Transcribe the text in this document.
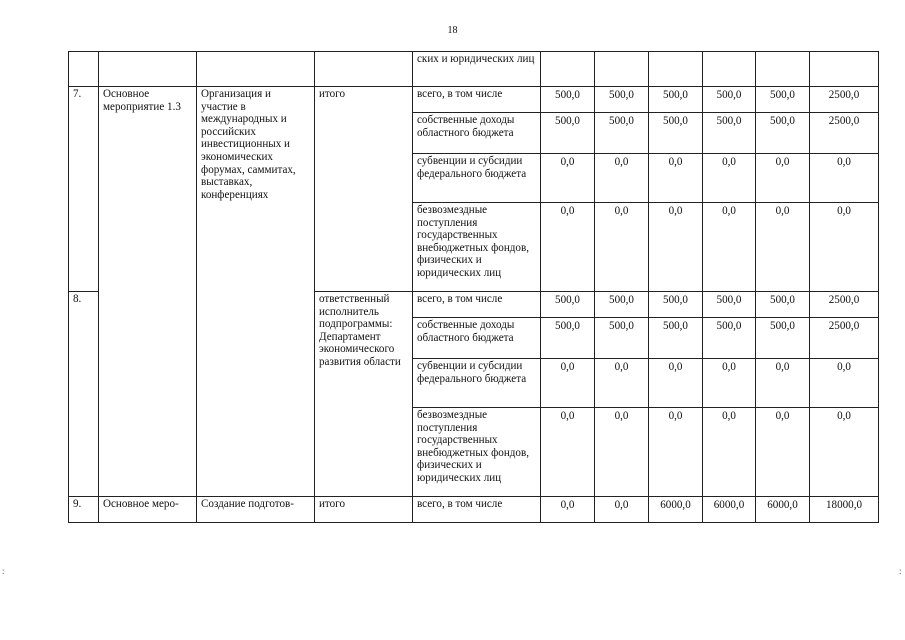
18
:	:

				ских и юридических лиц						

7.	Основное мероприятие 1.3	Организация и участие в международных и российских инвестиционных и экономических форумах, саммитах, выставках, конференциях	итого	всего, в том числе	500,0	500,0	500,0	500,0	500,0	2500,0

				собственные доходы областного бюджета	500,0	500,0	500,0	500,0	500,0	2500,0

				субвенции и субсидии федерального бюджета	0,0	0,0	0,0	0,0	0,0	0,0

				безвозмездные поступления государственных внебюджетных фондов, физических и юридических лиц	0,0	0,0	0,0	0,0	0,0	0,0

8.			ответственный исполнитель подпрограммы: Департамент экономического развития области	всего, в том числе	500,0	500,0	500,0	500,0	500,0	2500,0

				собственные доходы областного бюджета	500,0	500,0	500,0	500,0	500,0	2500,0

				субвенции и субсидии федерального бюджета	0,0	0,0	0,0	0,0	0,0	0,0

				безвозмездные поступления государственных внебюджетных фондов, физических и юридических лиц	0,0	0,0	0,0	0,0	0,0	0,0

9.	Основное меро-	Создание подготов-	итого	всего, в том числе	0,0	0,0	6000,0	6000,0	6000,0	18000,0
